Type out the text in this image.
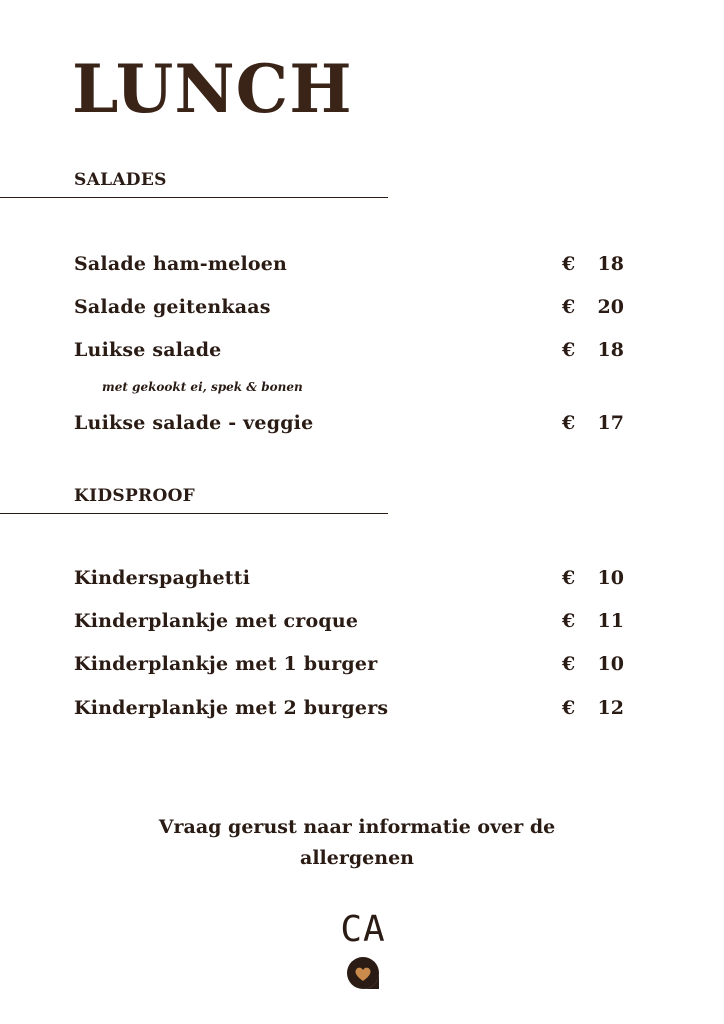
LUNCH
SALADES
Salade ham-meloen	€ 18
Salade geitenkaas	€ 20
Luikse salade	€ 18
met gekookt ei, spek & bonen
Luikse salade - veggie	€ 17
KIDSPROOF
Kinderspaghetti	€ 10
Kinderplankje met croque	€ 11
Kinderplankje met 1 burger	€ 10
Kinderplankje met 2 burgers	€ 12
Vraag gerust naar informatie over de allergenen
CA
